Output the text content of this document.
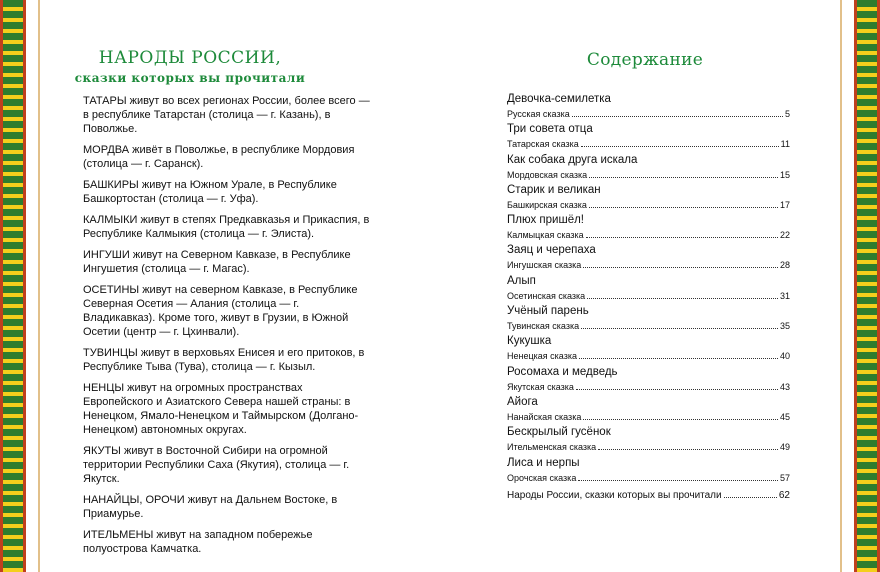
НАРОДЫ РОССИИ,
сказки которых вы прочитали
ТАТАРЫ живут во всех регионах России, более всего — в республике Татарстан (столица — г. Казань), в Поволжье.
МОРДВА живёт в Поволжье, в республике Мордовия (столица — г. Саранск).
БАШКИРЫ живут на Южном Урале, в Республике Башкортостан (столица — г. Уфа).
КАЛМЫКИ живут в степях Предкавказья и Прикаспия, в Республике Калмыкия (столица — г. Элиста).
ИНГУШИ живут на Северном Кавказе, в Республике Ингушетия (столица — г. Магас).
ОСЕТИНЫ живут на северном Кавказе, в Республике Северная Осетия — Алания (столица — г. Владикавказ). Кроме того, живут в Грузии, в Южной Осетии (центр — г. Цхинвали).
ТУВИНЦЫ живут в верховьях Енисея и его притоков, в Республике Тыва (Тува), столица — г. Кызыл.
НЕНЦЫ живут на огромных пространствах Европейского и Азиатского Севера нашей страны: в Ненецком, Ямало-Ненецком и Таймырском (Долгано-Ненецком) автономных округах.
ЯКУТЫ живут в Восточной Сибири на огромной территории Республики Саха (Якутия), столица — г. Якутск.
НАНАЙЦЫ, ОРОЧИ живут на Дальнем Востоке, в Приамурье.
ИТЕЛЬМЕНЫ живут на западном побережье полуострова Камчатка.
Содержание
Девочка-семилетка
Русская сказка	5
Три совета отца
Татарская сказка	11
Как собака друга искала
Мордовская сказка	15
Старик и великан
Башкирская сказка	17
Плюх пришёл!
Калмыцкая сказка	22
Заяц и черепаха
Ингушская сказка	28
Алып
Осетинская сказка	31
Учёный парень
Тувинская сказка	35
Кукушка
Ненецкая сказка	40
Росомаха и медведь
Якутская сказка	43
Айога
Нанайская сказка	45
Бескрылый гусёнок
Ительменская сказка	49
Лиса и нерпы
Орочская сказка	57
Народы России, сказки которых вы прочитали	62
